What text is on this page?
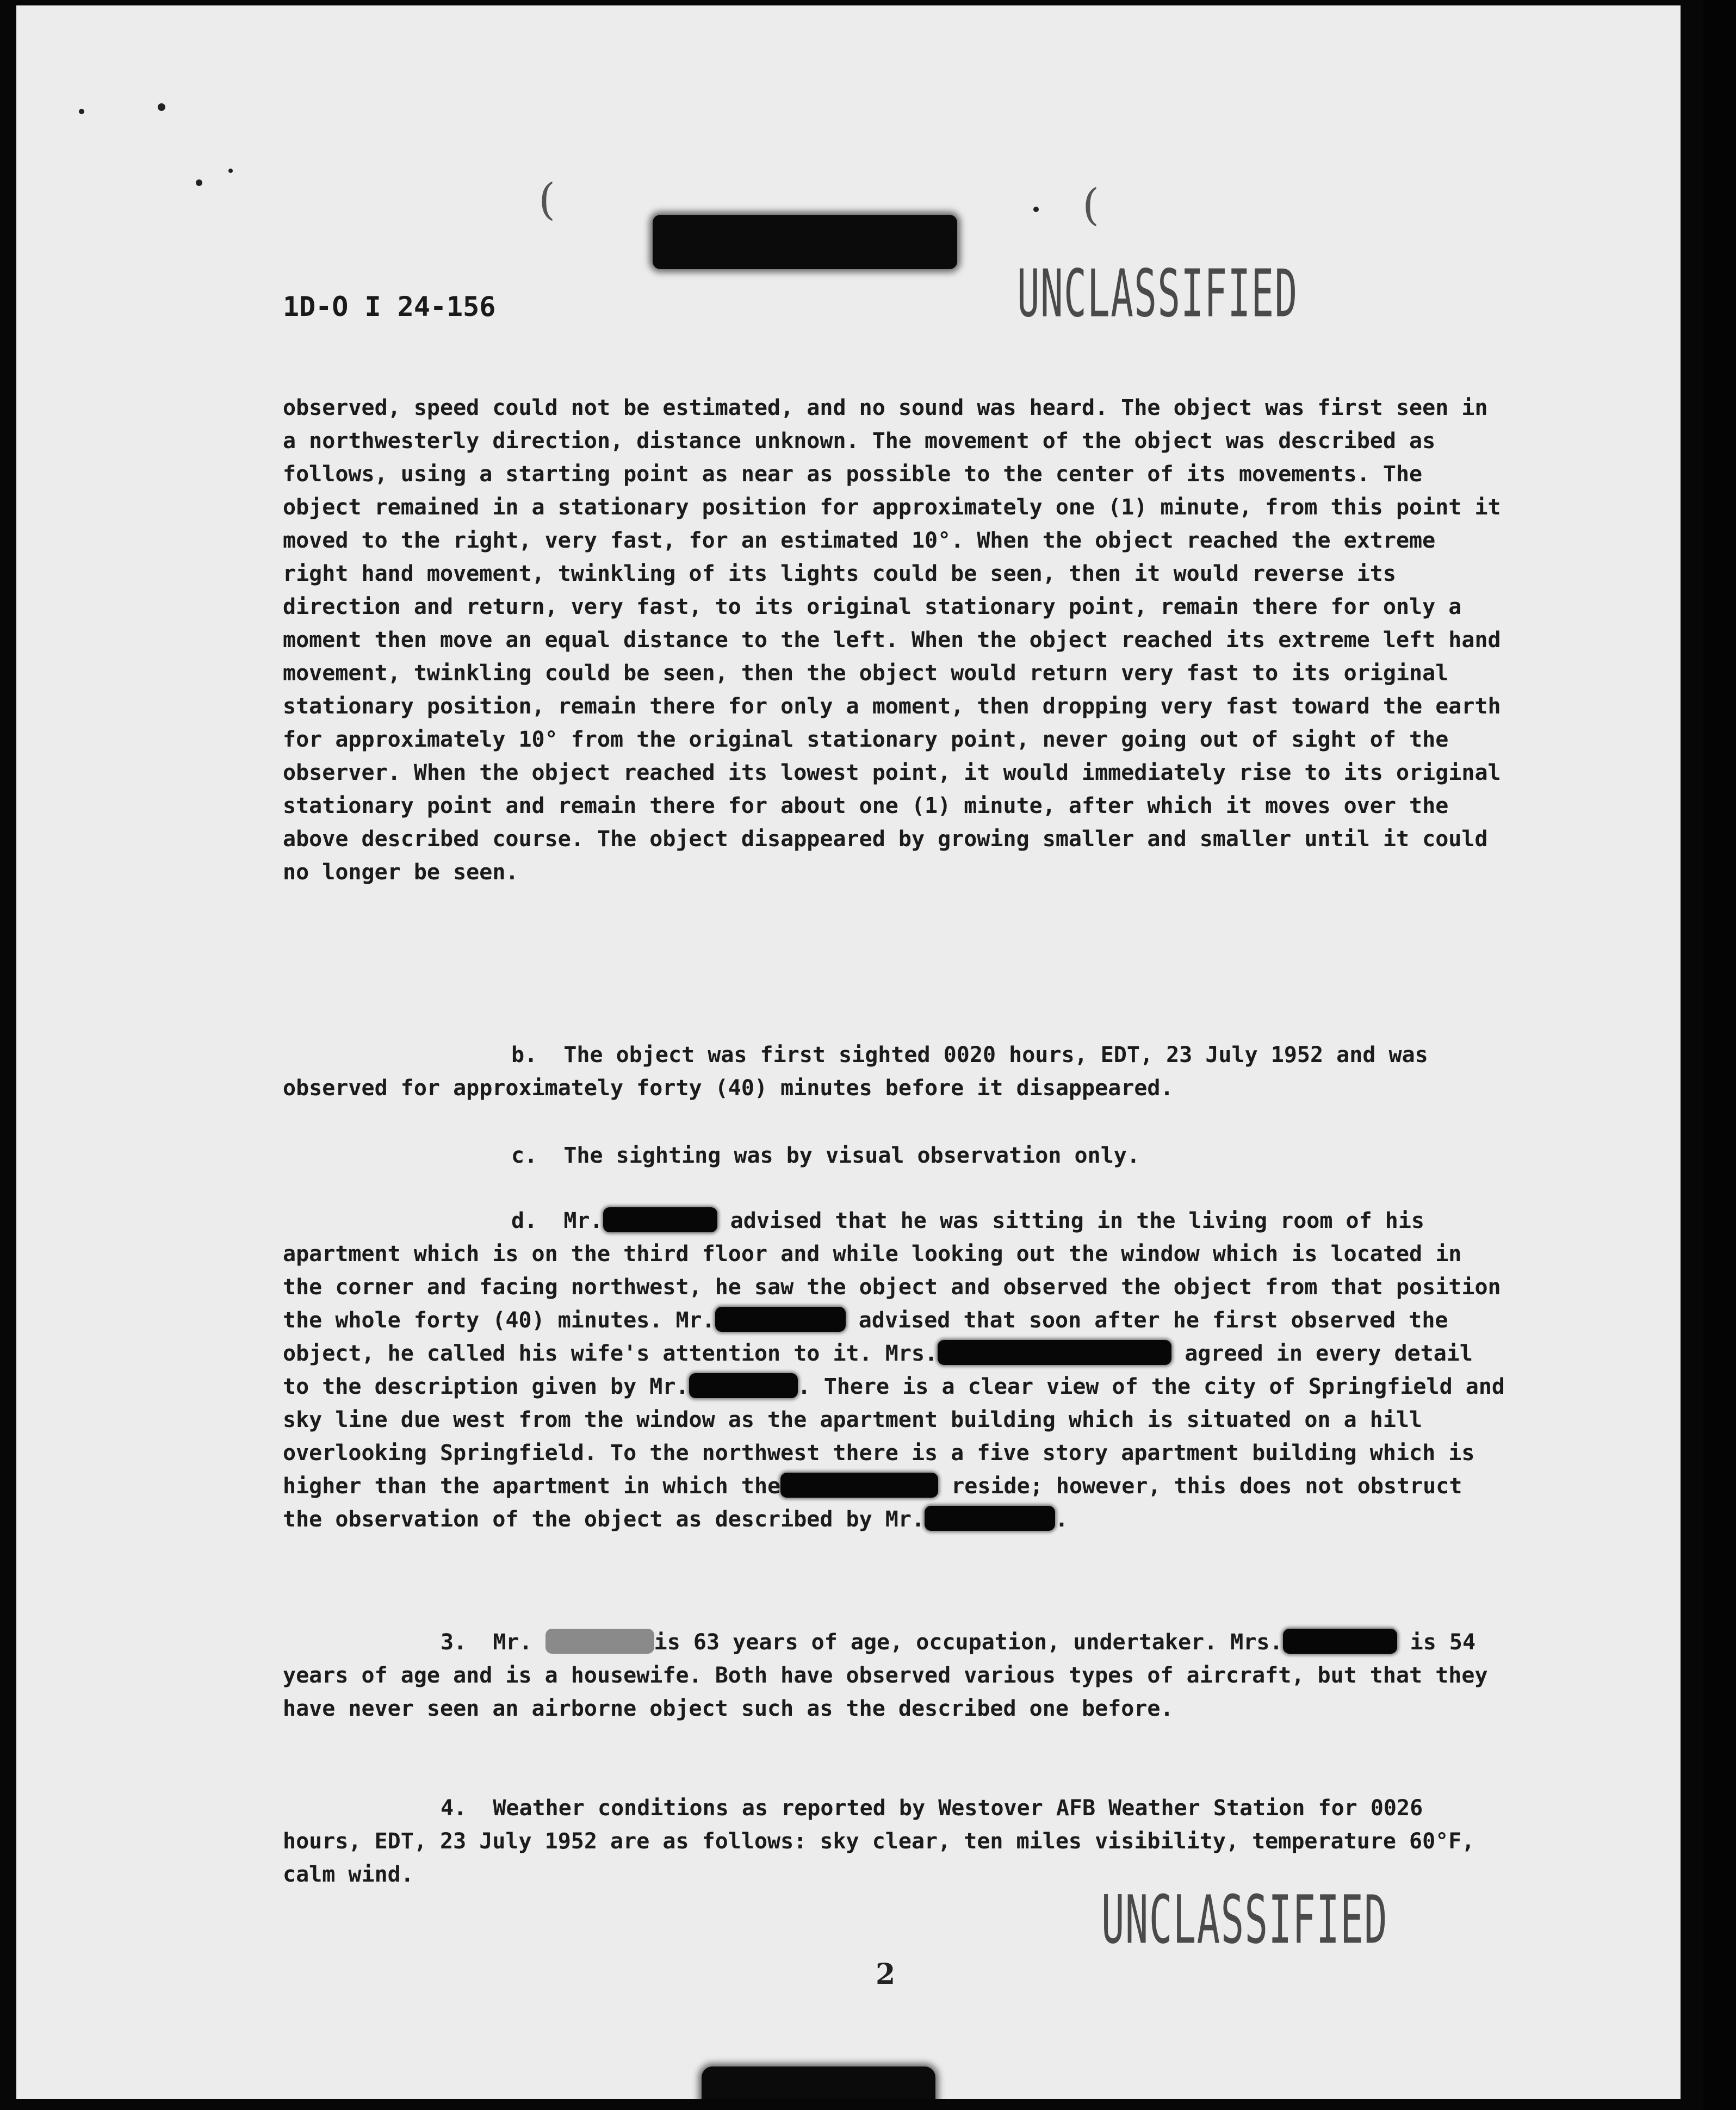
(	(
1D-O I 24-156	UNCLASSIFIED

observed, speed could not be estimated, and no sound was heard. The object was first seen in a northwesterly direction, distance unknown. The movement of the object was described as follows, using a starting point as near as possible to the center of its movements. The object remained in a stationary position for approximately one (1) minute, from this point it moved to the right, very fast, for an estimated 10°. When the object reached the extreme right hand movement, twinkling of its lights could be seen, then it would reverse its direction and return, very fast, to its original stationary point, remain there for only a moment then move an equal distance to the left. When the object reached its extreme left hand movement, twinkling could be seen, then the object would return very fast to its original stationary position, remain there for only a moment, then dropping very fast toward the earth for approximately 10° from the original stationary point, never going out of sight of the observer. When the object reached its lowest point, it would immediately rise to its original stationary point and remain there for about one (1) minute, after which it moves over the above described course. The object disappeared by growing smaller and smaller until it could no longer be seen.

b.  The object was first sighted 0020 hours, EDT, 23 July 1952 and was observed for approximately forty (40) minutes before it disappeared.

c.  The sighting was by visual observation only.

d.  Mr.	advised that he was sitting in the living room of his apartment which is on the third floor and while looking out the window which is located in the corner and facing northwest, he saw the object and observed the object from that position the whole forty (40) minutes. Mr.	advised that soon after he first observed the object, he called his wife's attention to it. Mrs.	agreed in every detail to the description given by Mr.	. There is a clear view of the city of Springfield and sky line due west from the window as the apartment building which is situated on a hill overlooking Springfield. To the northwest there is a five story apartment building which is higher than the apartment in which the	reside; however, this does not obstruct the observation of the object as described by Mr.	.

3.  Mr.	is 63 years of age, occupation, undertaker. Mrs.	is 54 years of age and is a housewife. Both have observed various types of aircraft, but that they have never seen an airborne object such as the described one before.

4.  Weather conditions as reported by Westover AFB Weather Station for 0026 hours, EDT, 23 July 1952 are as follows: sky clear, ten miles visibility, temperature 60°F, calm wind.

UNCLASSIFIED
2
